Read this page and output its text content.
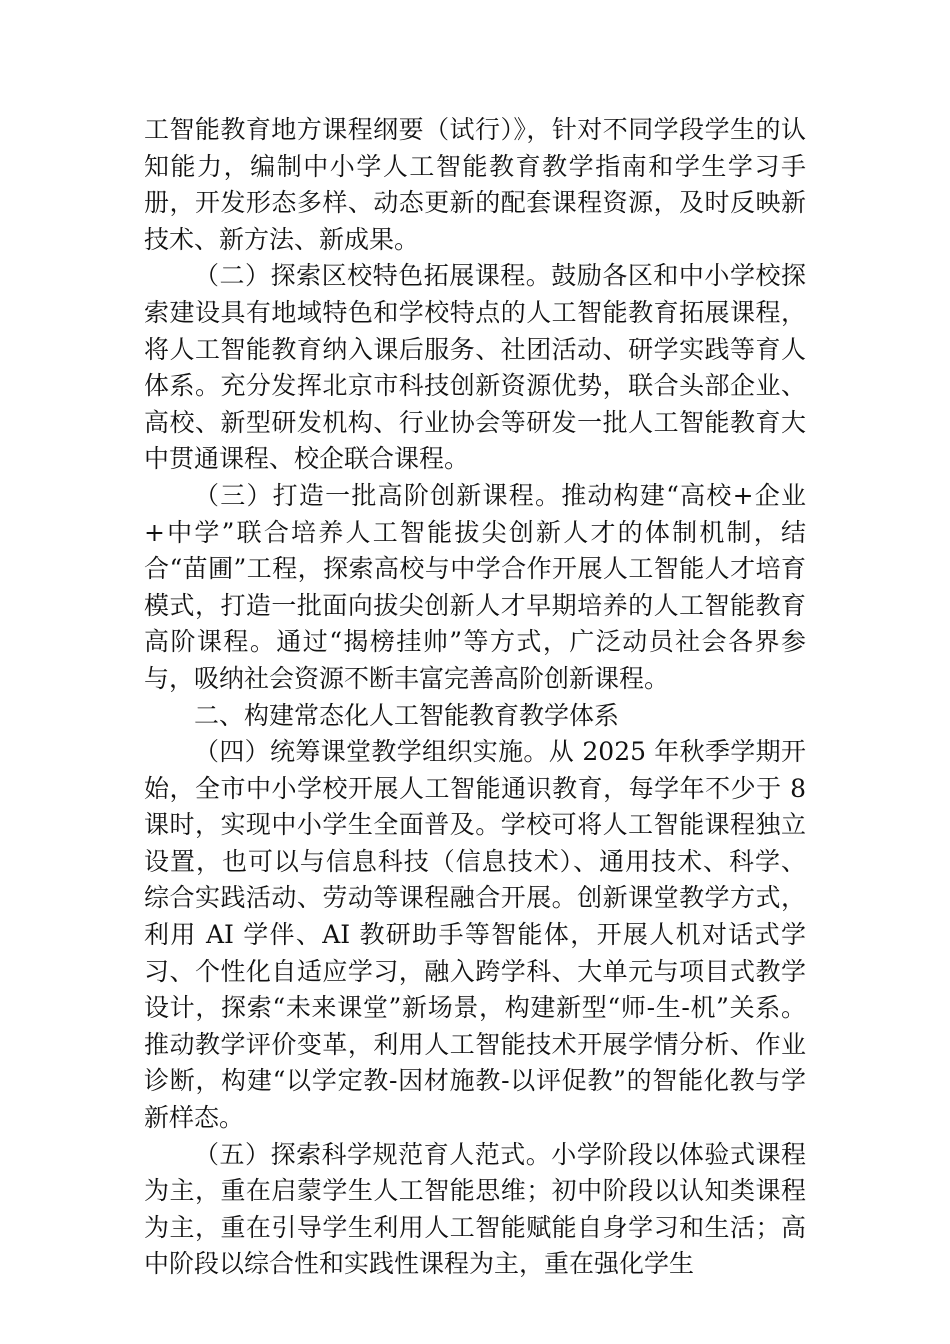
工智能教育地方课程纲要（试行）》，针对不同学段学生的认知能力，编制中小学人工智能教育教学指南和学生学习手册，开发形态多样、动态更新的配套课程资源，及时反映新技术、新方法、新成果。

（二）探索区校特色拓展课程。鼓励各区和中小学校探索建设具有地域特色和学校特点的人工智能教育拓展课程，将人工智能教育纳入课后服务、社团活动、研学实践等育人体系。充分发挥北京市科技创新资源优势，联合头部企业、高校、新型研发机构、行业协会等研发一批人工智能教育大中贯通课程、校企联合课程。

（三）打造一批高阶创新课程。推动构建“高校+企业+中学”联合培养人工智能拔尖创新人才的体制机制，结合“苗圃”工程，探索高校与中学合作开展人工智能人才培育模式，打造一批面向拔尖创新人才早期培养的人工智能教育高阶课程。通过“揭榜挂帅”等方式，广泛动员社会各界参与，吸纳社会资源不断丰富完善高阶创新课程。

二、构建常态化人工智能教育教学体系

（四）统筹课堂教学组织实施。从 2025 年秋季学期开始，全市中小学校开展人工智能通识教育，每学年不少于 8 课时，实现中小学生全面普及。学校可将人工智能课程独立设置，也可以与信息科技（信息技术）、通用技术、科学、综合实践活动、劳动等课程融合开展。创新课堂教学方式，利用 AI 学伴、AI 教研助手等智能体，开展人机对话式学习、个性化自适应学习，融入跨学科、大单元与项目式教学设计，探索“未来课堂”新场景，构建新型“师-生-机”关系。推动教学评价变革，利用人工智能技术开展学情分析、作业诊断，构建“以学定教-因材施教-以评促教”的智能化教与学新样态。

（五）探索科学规范育人范式。小学阶段以体验式课程为主，重在启蒙学生人工智能思维；初中阶段以认知类课程为主，重在引导学生利用人工智能赋能自身学习和生活；高中阶段以综合性和实践性课程为主，重在强化学生
